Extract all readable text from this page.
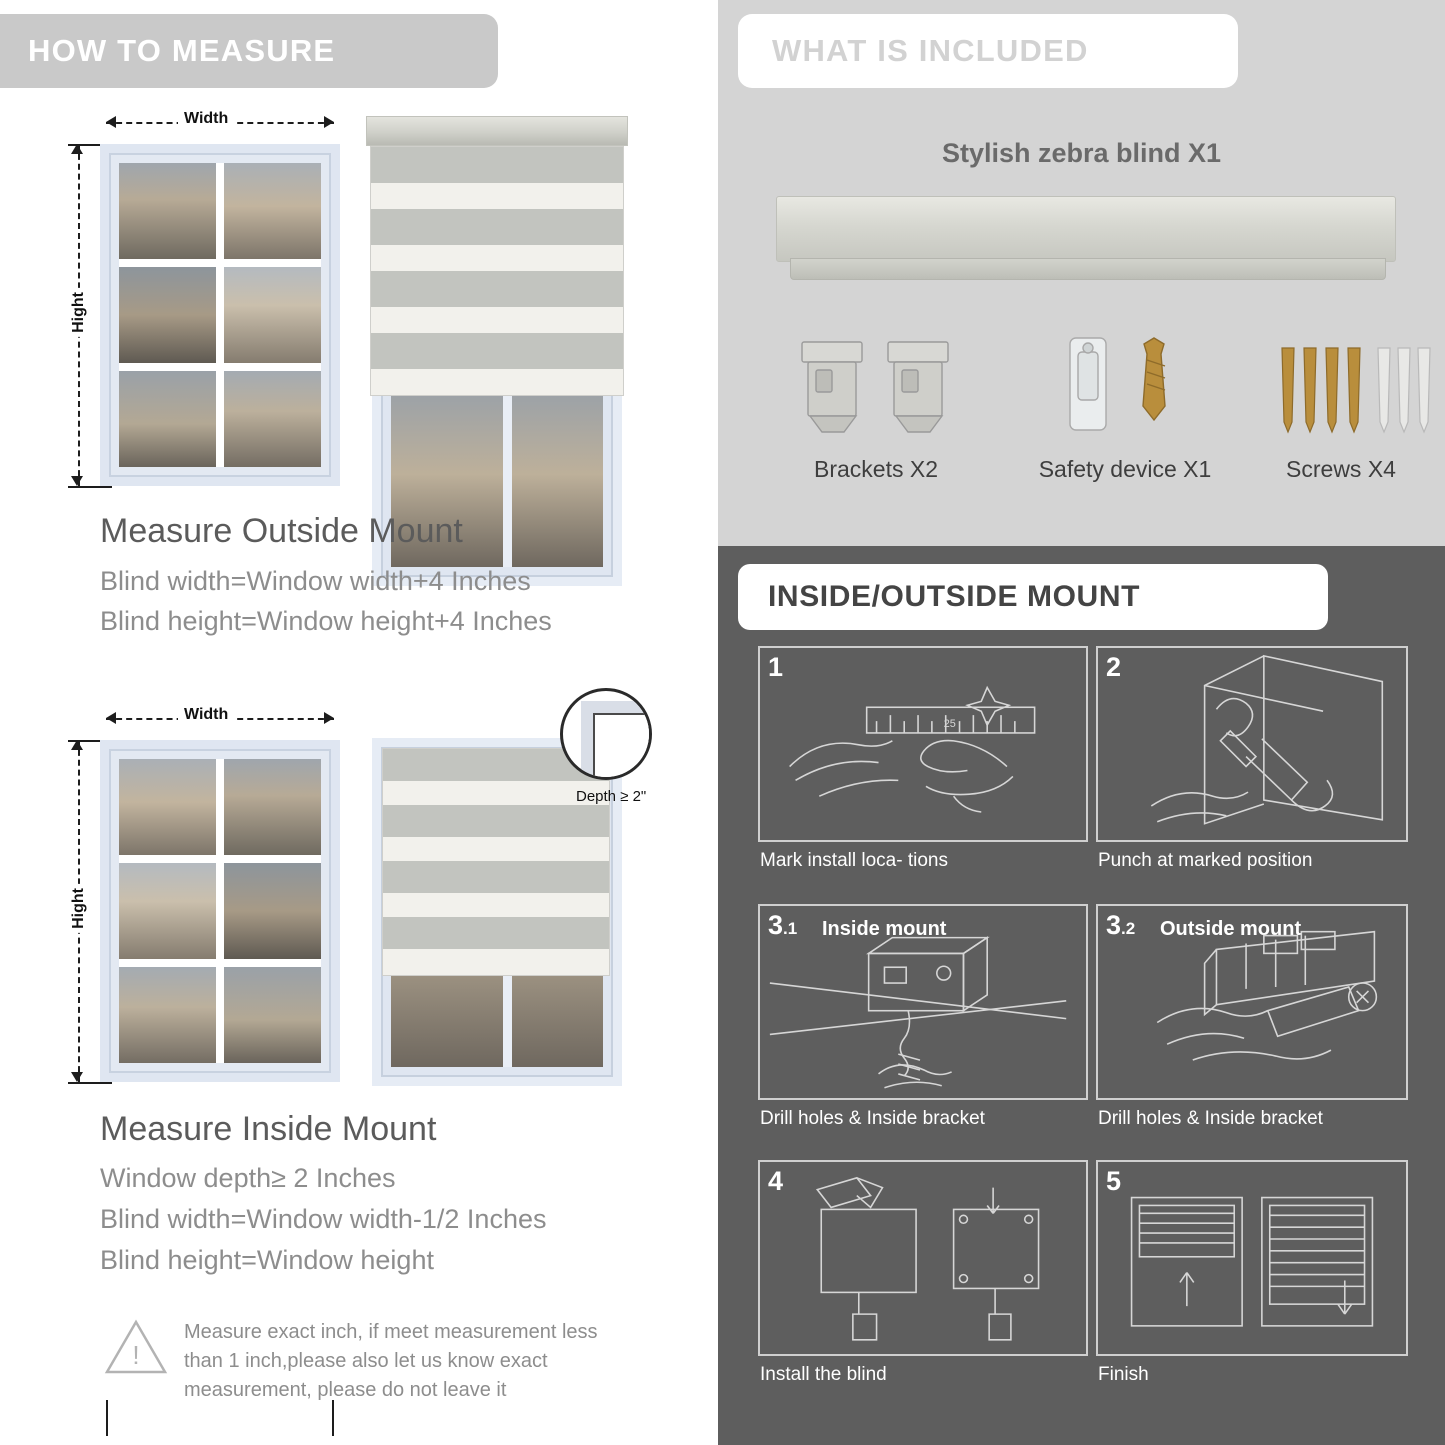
HOW TO MEASURE
Width
Hight
Measure Outside Mount
Blind width=Window width+4 Inches
Blind height=Window height+4 Inches
Width
Hight
Depth ≥ 2"
Measure Inside Mount
Window depth≥ 2 Inches
Blind width=Window width-1/2 Inches
Blind height=Window height
!
Measure exact inch, if meet measurement less than 1 inch,please also let us know exact measurement, please do not leave it
WHAT IS INCLUDED
Stylish zebra blind X1
Brackets X2	Safety device X1	Screws X4
INSIDE/OUTSIDE MOUNT
1
25
Mark install loca- tions
2
Punch at marked position
3.1 Inside mount
Drill holes & Inside bracket
3.2 Outside mount
Drill holes & Inside bracket
4
Install the blind
5
Finish
